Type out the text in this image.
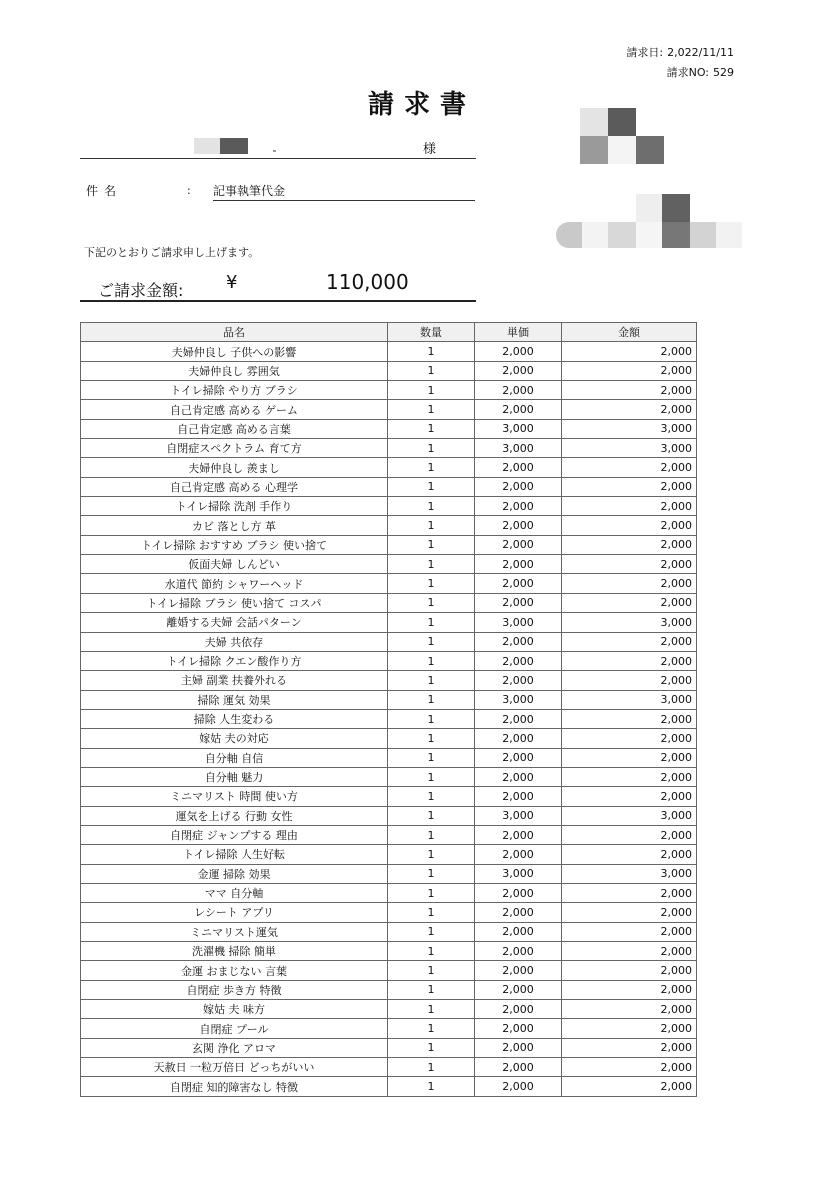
請求日: 2,022/11/11
請求NO: 529
請求書
様
件名	: 記事執筆代金
下記のとおりご請求申し上げます。
ご請求金額: ¥	110,000
品名	数量	単価	金額
夫婦仲良し 子供への影響	1	2,000	2,000
夫婦仲良し 雰囲気	1	2,000	2,000
トイレ掃除 やり方 ブラシ	1	2,000	2,000
自己肯定感 高める ゲーム	1	2,000	2,000
自己肯定感 高める言葉	1	3,000	3,000
自閉症スペクトラム 育て方	1	3,000	3,000
夫婦仲良し 羨まし	1	2,000	2,000
自己肯定感 高める 心理学	1	2,000	2,000
トイレ掃除 洗剤 手作り	1	2,000	2,000
カビ 落とし方 革	1	2,000	2,000
トイレ掃除 おすすめ ブラシ 使い捨て	1	2,000	2,000
仮面夫婦 しんどい	1	2,000	2,000
水道代 節約 シャワーヘッド	1	2,000	2,000
トイレ掃除 ブラシ 使い捨て コスパ	1	2,000	2,000
離婚する夫婦 会話パターン	1	3,000	3,000
夫婦 共依存	1	2,000	2,000
トイレ掃除 クエン酸作り方	1	2,000	2,000
主婦 副業 扶養外れる	1	2,000	2,000
掃除 運気 効果	1	3,000	3,000
掃除 人生変わる	1	2,000	2,000
嫁姑 夫の対応	1	2,000	2,000
自分軸 自信	1	2,000	2,000
自分軸 魅力	1	2,000	2,000
ミニマリスト 時間 使い方	1	2,000	2,000
運気を上げる 行動 女性	1	3,000	3,000
自閉症 ジャンプする 理由	1	2,000	2,000
トイレ掃除 人生好転	1	2,000	2,000
金運 掃除 効果	1	3,000	3,000
ママ 自分軸	1	2,000	2,000
レシート アプリ	1	2,000	2,000
ミニマリスト運気	1	2,000	2,000
洗濯機 掃除 簡単	1	2,000	2,000
金運 おまじない 言葉	1	2,000	2,000
自閉症 歩き方 特徴	1	2,000	2,000
嫁姑 夫 味方	1	2,000	2,000
自閉症 プール	1	2,000	2,000
玄関 浄化 アロマ	1	2,000	2,000
天赦日 一粒万倍日 どっちがいい	1	2,000	2,000
自閉症 知的障害なし 特徴	1	2,000	2,000
